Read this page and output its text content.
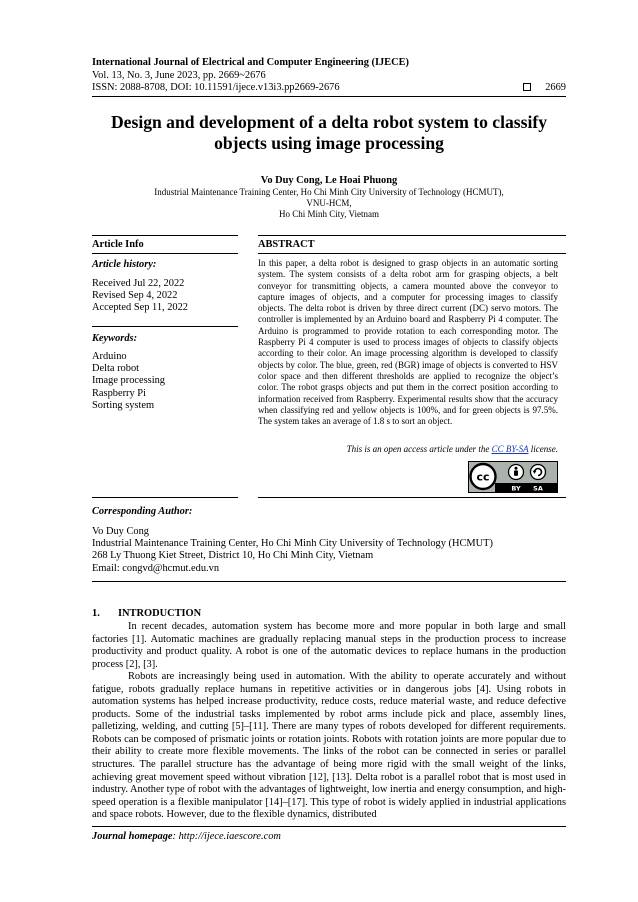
International Journal of Electrical and Computer Engineering (IJECE)
Vol. 13, No. 3, June 2023, pp. 2669~2676
ISSN: 2088-8708, DOI: 10.11591/ijece.v13i3.pp2669-2676	2669
Design and development of a delta robot system to classify objects using image processing
Vo Duy Cong, Le Hoai Phuong
Industrial Maintenance Training Center, Ho Chi Minh City University of Technology (HCMUT), VNU-HCM,
Ho Chi Minh City, Vietnam
Article Info
Article history:
Received Jul 22, 2022
Revised Sep 4, 2022
Accepted Sep 11, 2022
Keywords:
Arduino
Delta robot
Image processing
Raspberry Pi
Sorting system
ABSTRACT
In this paper, a delta robot is designed to grasp objects in an automatic sorting system. The system consists of a delta robot arm for grasping objects, a belt conveyor for transmitting objects, a camera mounted above the conveyor to capture images of objects, and a computer for processing images to classify objects. The delta robot is driven by three direct current (DC) servo motors. The controller is implemented by an Arduino board and Raspberry Pi 4 computer. The Arduino is programmed to provide rotation to each corresponding motor. The Raspberry Pi 4 computer is used to process images of objects to classify objects according to their color. An image processing algorithm is developed to classify objects by color. The blue, green, red (BGR) image of objects is converted to HSV color space and then different thresholds are applied to recognize the object’s color. The robot grasps objects and put them in the correct position according to information received from Raspberry. Experimental results show that the accuracy when classifying red and yellow objects is 100%, and for green objects is 97.5%. The system takes an average of 1.8 s to sort an object.
This is an open access article under the CC BY-SA license.
cc
BY SA
Corresponding Author:
Vo Duy Cong
Industrial Maintenance Training Center, Ho Chi Minh City University of Technology (HCMUT)
268 Ly Thuong Kiet Street, District 10, Ho Chi Minh City, Vietnam
Email: congvd@hcmut.edu.vn
1. INTRODUCTION

In recent decades, automation system has become more and more popular in both large and small factories [1]. Automatic machines are gradually replacing manual steps in the production process to increase productivity and product quality. A robot is one of the automatic devices to replace humans in the production process [2], [3].

Robots are increasingly being used in automation. With the ability to operate accurately and without fatigue, robots gradually replace humans in repetitive activities or in dangerous jobs [4]. Using robots in automation systems has helped increase productivity, reduce costs, reduce material waste, and reduce defective products. Some of the industrial tasks implemented by robot arms include pick and place, assembly lines, palletizing, welding, and cutting [5]–[11]. There are many types of robots developed for different requirements. Robots can be composed of prismatic joints or rotation joints. Robots with rotation joints are more popular due to their ability to create more flexible movements. The links of the robot can be connected in series or parallel structures. The parallel structure has the advantage of being more rigid with the small weight of the links, achieving great movement speed without vibration [12], [13]. Delta robot is a parallel robot that is most used in industry. Another type of robot with the advantages of lightweight, low inertia and energy consumption, and high-speed operation is a flexible manipulator [14]–[17]. This type of robot is widely applied in industrial applications and space robots. However, due to the flexible dynamics, distributed

Journal homepage: http://ijece.iaescore.com
